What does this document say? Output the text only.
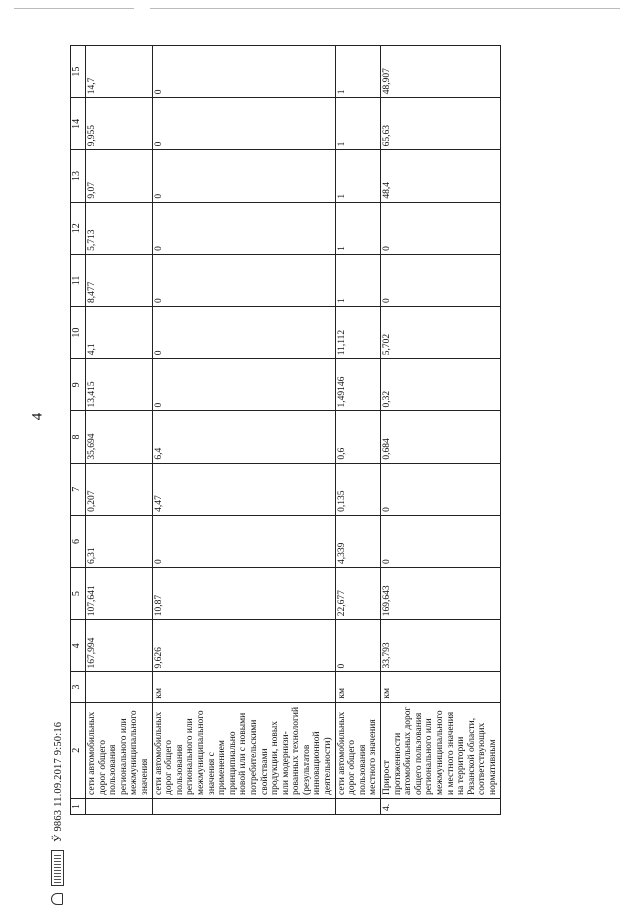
4
Ӳ 9863 11.09.2017 9:50:16 1	2	3	4	5	6	7	8	9	10	11	12	13	14	15
	сети автомобильных дорог общего пользования регионального или межмуниципального значения		167,994	107,641	6,31	0,207	35,694	13,415	4,1	8,477	5,713	9,07	9,955	14,7
	сети автомобильных дорог общего пользования регионального или межмуниципального значения с применением принципиально новой или с новыми потребительскими свойствами продукции, новых или модернизи-рованных технологий (результатов инновационной деятельности)	км	9,626	10,87	0	4,47	6,4	0	0	0	0	0	0	0
	сети автомобильных дорог общего пользования местного значения	км	0	22,677	4,339	0,135	0,6	1,49146	11,112	1	1	1	1	1
4.	Прирост протяженности автомобильных дорог общего пользования регионального или межмуниципального и местного значения на территории Рязанской области, соответствующих нормативным	км	33,793	169,643	0	0	0,684	0,32	5,702	0	0	48,4	65,63	48,907
